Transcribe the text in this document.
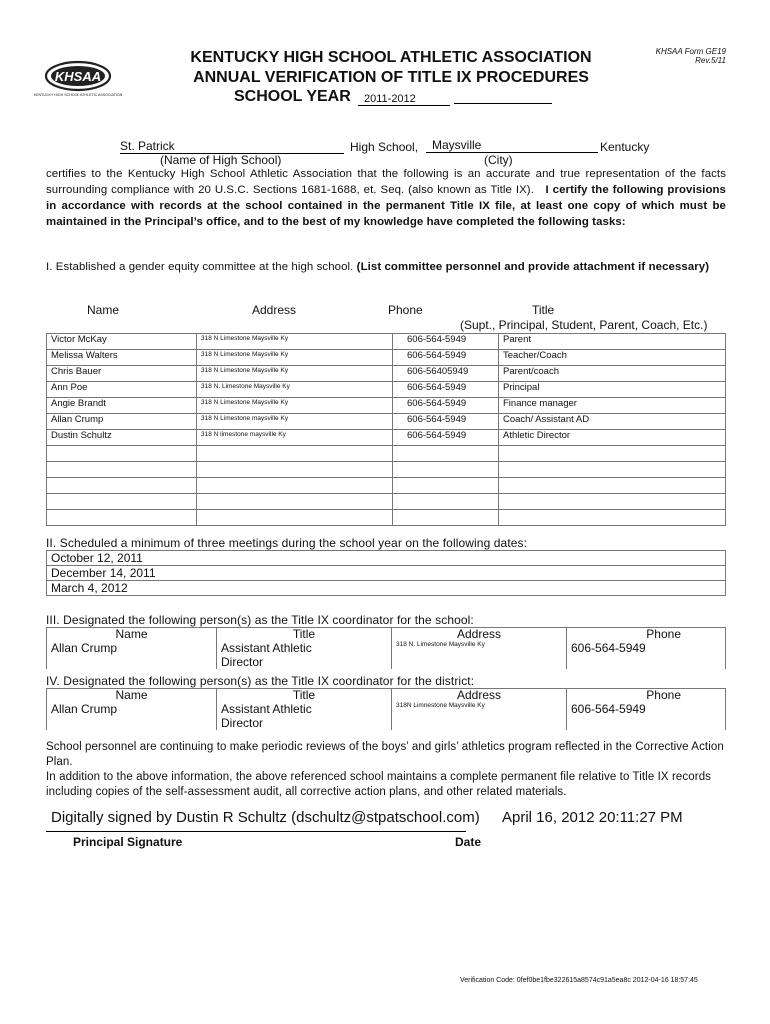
KHSAA
KENTUCKY HIGH SCHOOL ATHLETIC ASSOCIATION
KENTUCKY HIGH SCHOOL ATHLETIC ASSOCIATION
ANNUAL VERIFICATION OF TITLE IX PROCEDURES
SCHOOL YEAR	2011-2012
KHSAA Form GE19
Rev.5/11
St. Patrick	High School,	Maysville	Kentucky
(Name of High School)	(City)
certifies to the Kentucky High School Athletic Association that the following is an accurate and true representation of the facts surrounding compliance with 20 U.S.C. Sections 1681-1688, et. Seq. (also known as Title IX). I certify the following provisions in accordance with records at the school contained in the permanent Title IX file, at least one copy of which must be maintained in the Principal’s office, and to the best of my knowledge have completed the following tasks:
I. Established a gender equity committee at the high school. (List committee personnel and provide attachment if necessary)
Name	Address	Phone	Title
(Supt., Principal, Student, Parent, Coach, Etc.)
Victor McKay	318 N Limestone Maysville Ky	606-564-5949	Parent
Melissa Walters	318 N Limestone Maysville Ky	606-564-5949	Teacher/Coach
Chris Bauer	318 N Limestone Maysville Ky	606-56405949	Parent/coach
Ann Poe	318 N. Limestone Maysville Ky	606-564-5949	Principal
Angie Brandt	318 N Limestone Maysville Ky	606-564-5949	Finance manager
Allan Crump	318 N Limestone maysville Ky	606-564-5949	Coach/ Assistant AD
Dustin Schultz	318 N limestone maysville Ky	606-564-5949	Athletic Director

II. Scheduled a minimum of three meetings during the school year on the following dates:
October 12, 2011
December 14, 2011
March 4, 2012
III. Designated the following person(s) as the Title IX coordinator for the school:
Name
Allan Crump

Title
Assistant Athletic Director

Address
318 N. Limestone Maysville Ky

Phone
606-564-5949
IV. Designated the following person(s) as the Title IX coordinator for the district:
Name
Allan Crump

Title
Assistant Athletic Director

Address
318N Limnestone Maysville Ky

Phone
606-564-5949
School personnel are continuing to make periodic reviews of the boys’ and girls’ athletics program reflected in the Corrective Action Plan.
In addition to the above information, the above referenced school maintains a complete permanent file relative to Title IX records including copies of the self-assessment audit, all corrective action plans, and other related materials.
Digitally signed by Dustin R Schultz (dschultz@stpatschool.com) April 16, 2012 20:11:27 PM
Principal Signature	Date
Verification Code: 0fef0be1fbe322615a8574c91a5ea8c 2012-04-16 18:57:45
